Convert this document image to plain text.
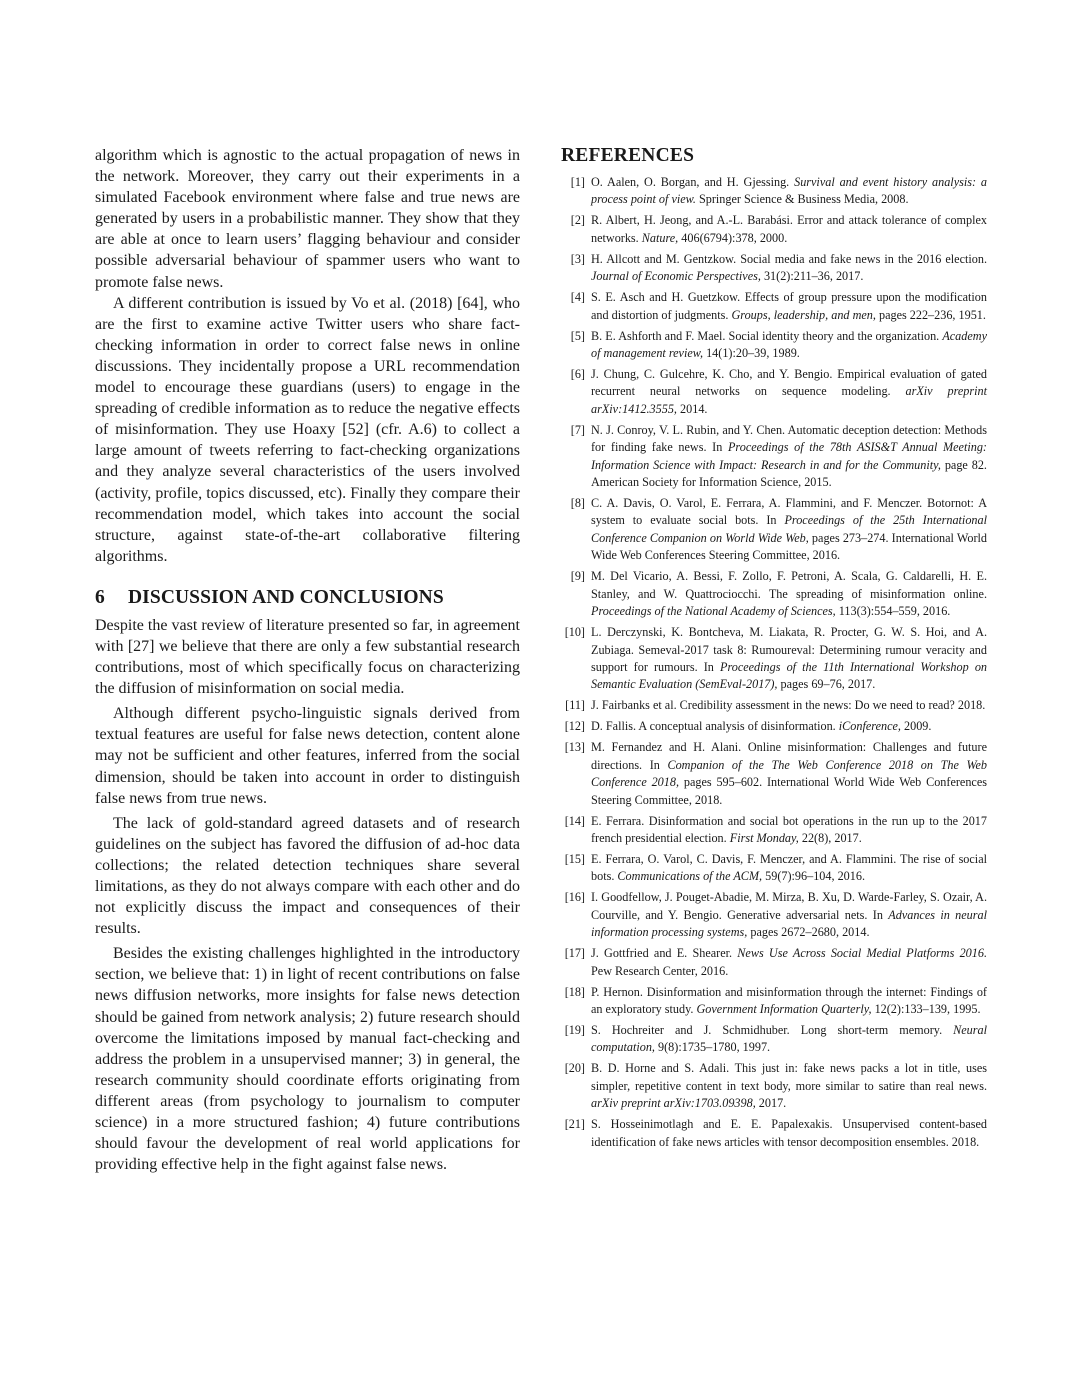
algorithm which is agnostic to the actual propagation of news in the network. Moreover, they carry out their experiments in a simulated Facebook environment where false and true news are generated by users in a probabilistic manner. They show that they are able at once to learn users’ flagging behaviour and consider possible adversarial behaviour of spammer users who want to promote false news.

A different contribution is issued by Vo et al. (2018) [64], who are the first to examine active Twitter users who share fact-checking information in order to correct false news in online discussions. They incidentally propose a URL recommendation model to encourage these guardians (users) to engage in the spreading of credible information as to reduce the negative effects of misinformation. They use Hoaxy [52] (cfr. A.6) to collect a large amount of tweets referring to fact-checking organizations and they analyze several characteristics of the users involved (activity, profile, topics discussed, etc). Finally they compare their recommendation model, which takes into account the social structure, against state-of-the-art collaborative filtering algorithms.

6 DISCUSSION AND CONCLUSIONS

Despite the vast review of literature presented so far, in agreement with [27] we believe that there are only a few substantial research contributions, most of which specifically focus on characterizing the diffusion of misinformation on social media.

Although different psycho-linguistic signals derived from textual features are useful for false news detection, content alone may not be sufficient and other features, inferred from the social dimension, should be taken into account in order to distinguish false news from true news.

The lack of gold-standard agreed datasets and of research guidelines on the subject has favored the diffusion of ad-hoc data collections; the related detection techniques share several limitations, as they do not always compare with each other and do not explicitly discuss the impact and consequences of their results.

Besides the existing challenges highlighted in the introductory section, we believe that: 1) in light of recent contributions on false news diffusion networks, more insights for false news detection should be gained from network analysis; 2) future research should overcome the limitations imposed by manual fact-checking and address the problem in a unsupervised manner; 3) in general, the research community should coordinate efforts originating from different areas (from psychology to journalism to computer science) in a more structured fashion; 4) future contributions should favour the development of real world applications for providing effective help in the fight against false news.

REFERENCES
[1] O. Aalen, O. Borgan, and H. Gjessing. Survival and event history analysis: a process point of view. Springer Science & Business Media, 2008.
[2] R. Albert, H. Jeong, and A.-L. Barabási. Error and attack tolerance of complex networks. Nature, 406(6794):378, 2000.
[3] H. Allcott and M. Gentzkow. Social media and fake news in the 2016 election. Journal of Economic Perspectives, 31(2):211–36, 2017.
[4] S. E. Asch and H. Guetzkow. Effects of group pressure upon the modification and distortion of judgments. Groups, leadership, and men, pages 222–236, 1951.
[5] B. E. Ashforth and F. Mael. Social identity theory and the organization. Academy of management review, 14(1):20–39, 1989.
[6] J. Chung, C. Gulcehre, K. Cho, and Y. Bengio. Empirical evaluation of gated recurrent neural networks on sequence modeling. arXiv preprint arXiv:1412.3555, 2014.
[7] N. J. Conroy, V. L. Rubin, and Y. Chen. Automatic deception detection: Methods for finding fake news. In Proceedings of the 78th ASIS&T Annual Meeting: Information Science with Impact: Research in and for the Community, page 82. American Society for Information Science, 2015.
[8] C. A. Davis, O. Varol, E. Ferrara, A. Flammini, and F. Menczer. Botornot: A system to evaluate social bots. In Proceedings of the 25th International Conference Companion on World Wide Web, pages 273–274. International World Wide Web Conferences Steering Committee, 2016.
[9] M. Del Vicario, A. Bessi, F. Zollo, F. Petroni, A. Scala, G. Caldarelli, H. E. Stanley, and W. Quattrociocchi. The spreading of misinformation online. Proceedings of the National Academy of Sciences, 113(3):554–559, 2016.
[10] L. Derczynski, K. Bontcheva, M. Liakata, R. Procter, G. W. S. Hoi, and A. Zubiaga. Semeval-2017 task 8: Rumoureval: Determining rumour veracity and support for rumours. In Proceedings of the 11th International Workshop on Semantic Evaluation (SemEval-2017), pages 69–76, 2017.
[11] J. Fairbanks et al. Credibility assessment in the news: Do we need to read? 2018.
[12] D. Fallis. A conceptual analysis of disinformation. iConference, 2009.
[13] M. Fernandez and H. Alani. Online misinformation: Challenges and future directions. In Companion of the The Web Conference 2018 on The Web Conference 2018, pages 595–602. International World Wide Web Conferences Steering Committee, 2018.
[14] E. Ferrara. Disinformation and social bot operations in the run up to the 2017 french presidential election. First Monday, 22(8), 2017.
[15] E. Ferrara, O. Varol, C. Davis, F. Menczer, and A. Flammini. The rise of social bots. Communications of the ACM, 59(7):96–104, 2016.
[16] I. Goodfellow, J. Pouget-Abadie, M. Mirza, B. Xu, D. Warde-Farley, S. Ozair, A. Courville, and Y. Bengio. Generative adversarial nets. In Advances in neural information processing systems, pages 2672–2680, 2014.
[17] J. Gottfried and E. Shearer. News Use Across Social Medial Platforms 2016. Pew Research Center, 2016.
[18] P. Hernon. Disinformation and misinformation through the internet: Findings of an exploratory study. Government Information Quarterly, 12(2):133–139, 1995.
[19] S. Hochreiter and J. Schmidhuber. Long short-term memory. Neural computation, 9(8):1735–1780, 1997.
[20] B. D. Horne and S. Adali. This just in: fake news packs a lot in title, uses simpler, repetitive content in text body, more similar to satire than real news. arXiv preprint arXiv:1703.09398, 2017.
[21] S. Hosseinimotlagh and E. E. Papalexakis. Unsupervised content-based identification of fake news articles with tensor decomposition ensembles. 2018.
